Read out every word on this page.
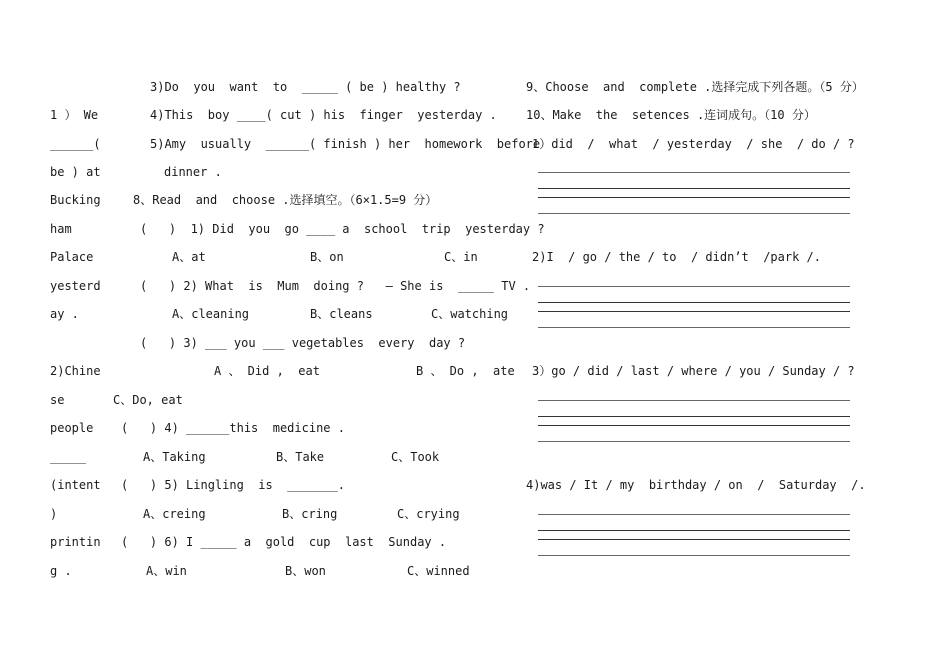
1 ） We
______(
be ) at
Bucking
ham
Palace
yesterd
ay .
2)Chine
se
people
_____
(intent
)
printin
g .
3)Do  you  want  to  _____ ( be ) healthy ?
4)This  boy ____( cut ) his  finger  yesterday .
5)Amy  usually  ______( finish ) her  homework  before
dinner .
8、Read  and  choose .选择填空。（6×1.5=9 分）
(   )  1) Did  you  go ____ a  school  trip  yesterday ?
A、at	B、on	C、in
(   ) 2) What  is  Mum  doing ?   — She is  _____ TV .
A、cleaning	B、cleans	C、watching
(   ) 3) ___ you ___ vegetables  every  day ?
A 、 Did ,  eat	B 、 Do ,  ate
C、Do, eat
(   ) 4) ______this  medicine .
A、Taking	B、Take	C、Took
(   ) 5) Lingling  is  _______.
A、creing	B、cring	C、crying
(   ) 6) I _____ a  gold  cup  last  Sunday .
A、win	B、won	C、winned
9、Choose  and  complete .选择完成下列各题。（5 分）
10、Make  the  setences .连词成句。（10 分）
1）did  /  what  / yesterday  / she  / do / ?
2)I  / go / the / to  / didn’t  /park /.
3）go / did / last / where / you / Sunday / ?
4)was / It / my  birthday / on  /  Saturday  /.
